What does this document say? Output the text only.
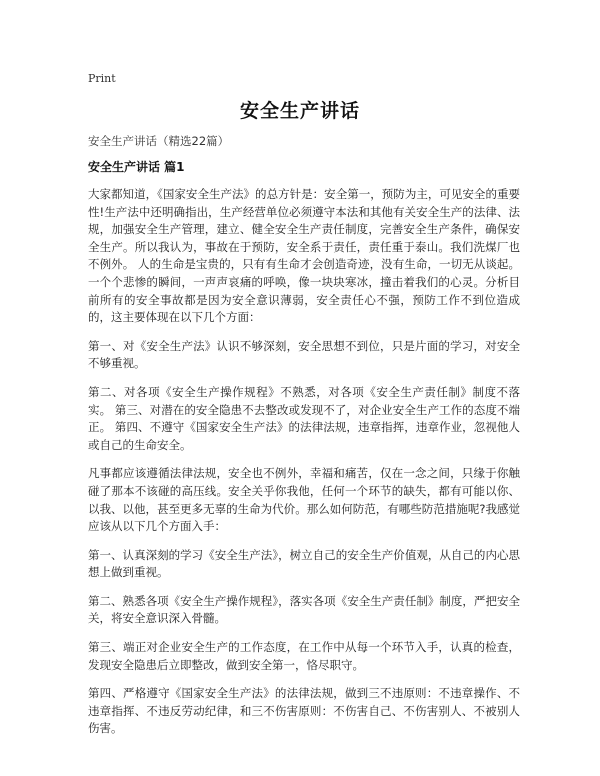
Print
安全生产讲话
安全生产讲话（精选22篇）
安全生产讲话 篇1

大家都知道，《国家安全生产法》的总方针是：安全第一，预防为主，可见安全的重要性!生产法中还明确指出，生产经营单位必须遵守本法和其他有关安全生产的法律、法规，加强安全生产管理，建立、健全安全生产责任制度，完善安全生产条件，确保安全生产。所以我认为，事故在于预防，安全系于责任，责任重于泰山。我们洗煤厂也不例外。 人的生命是宝贵的，只有有生命才会创造奇迹，没有生命，一切无从谈起。一个个悲惨的瞬间，一声声哀痛的呼唤，像一块块寒冰，撞击着我们的心灵。分析目前所有的安全事故都是因为安全意识薄弱，安全责任心不强，预防工作不到位造成的，这主要体现在以下几个方面：

第一、对《安全生产法》认识不够深刻，安全思想不到位，只是片面的学习，对安全不够重视。

第二、对各项《安全生产操作规程》不熟悉，对各项《安全生产责任制》制度不落实。 第三、对潜在的安全隐患不去整改或发现不了，对企业安全生产工作的态度不端正。 第四、不遵守《国家安全生产法》的法律法规，违章指挥，违章作业，忽视他人或自己的生命安全。

凡事都应该遵循法律法规，安全也不例外，幸福和痛苦，仅在一念之间，只缘于你触碰了那本不该碰的高压线。安全关乎你我他，任何一个环节的缺失，都有可能以你、以我、以他，甚至更多无辜的生命为代价。那么如何防范，有哪些防范措施呢?我感觉应该从以下几个方面入手：

第一、认真深刻的学习《安全生产法》，树立自己的安全生产价值观，从自己的内心思想上做到重视。

第二、熟悉各项《安全生产操作规程》，落实各项《安全生产责任制》制度，严把安全关，将安全意识深入骨髓。

第三、端正对企业安全生产的工作态度，在工作中从每一个环节入手，认真的检查，发现安全隐患后立即整改，做到安全第一，恪尽职守。

第四、严格遵守《国家安全生产法》的法律法规，做到三不违原则：不违章操作、不违章指挥、不违反劳动纪律，和三不伤害原则：不伤害自己、不伤害别人、不被别人伤害。
